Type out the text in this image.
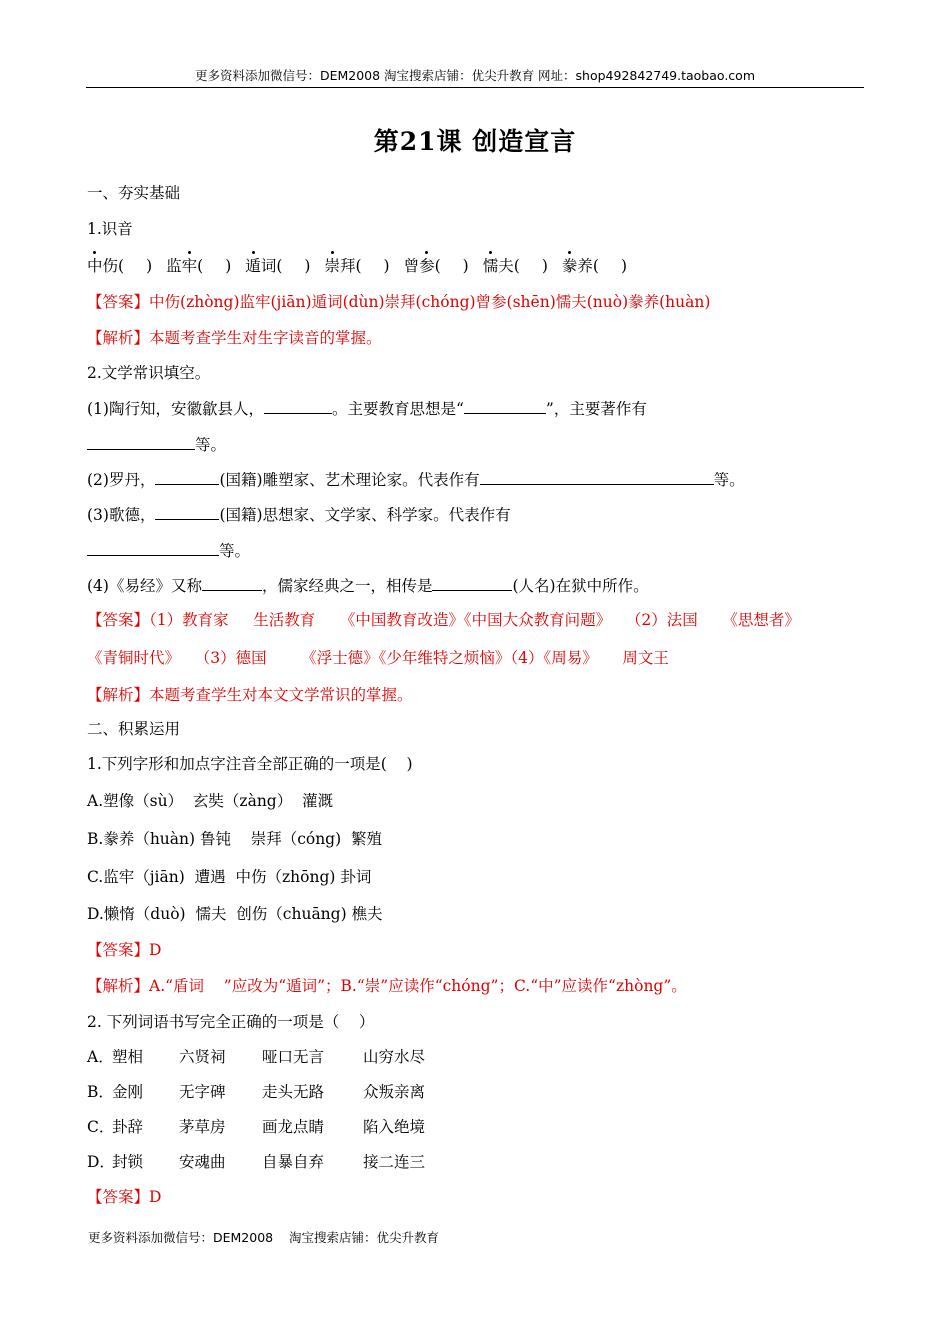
更多资料添加微信号：DEM2008 淘宝搜索店铺：优尖升教育 网址：shop492842749.taobao.com
第21课 创造宣言
一、夯实基础
1.识音
中伤( ) 监牢( ) 遁词( ) 崇拜( ) 曾参( ) 懦夫( ) 豢养( )
【答案】中伤(zhòng)监牢(jiān)遁词(dùn)崇拜(chóng)曾参(shēn)懦夫(nuò)豢养(huàn)
【解析】本题考查学生对生字读音的掌握。
2.文学常识填空。
(1)陶行知，安徽歙县人，	。主要教育思想是“	”，主要著作有
等。
(2)罗丹，	(国籍)雕塑家、艺术理论家。代表作有	等。
(3)歌德，	(国籍)思想家、文学家、科学家。代表作有
等。
(4)《易经》又称	，儒家经典之一，相传是	(人名)在狱中所作。
【答案】（1）教育家     生活教育     《中国教育改造》《中国大众教育问题》   （2）法国     《思想者》
《青铜时代》   （3）德国       《浮士德》《少年维特之烦恼》（4）《周易》     周文王
【解析】本题考查学生对本文文学常识的掌握。
二、积累运用
1.下列字形和加点字注音全部正确的一项是(    )
A.塑像（sù）  玄奘（zàng）  灌溉
B.豢养（huàn) 鲁钝    崇拜（cóng)  繁殖
C.监牢（jiān)  遭遇  中伤（zhōng) 卦词
D.懒惰（duò)  懦夫  创伤（chuāng) 樵夫
【答案】D
【解析】A.“盾词    ”应改为“遁词”；B.“崇”应读作“chóng”；C.“中”应读作“zhòng”。
2. 下列词语书写完全正确的一项是（    ）
A．
塑相 六贤祠 哑口无言	山穷水尽
B．
金刚 无字碑 走头无路	众叛亲离
C．
卦辞 茅草房 画龙点睛	陷入绝境
D．
封锁 安魂曲 自暴自弃	接二连三
【答案】D
更多资料添加微信号：DEM2008    淘宝搜索店铺：优尖升教育
